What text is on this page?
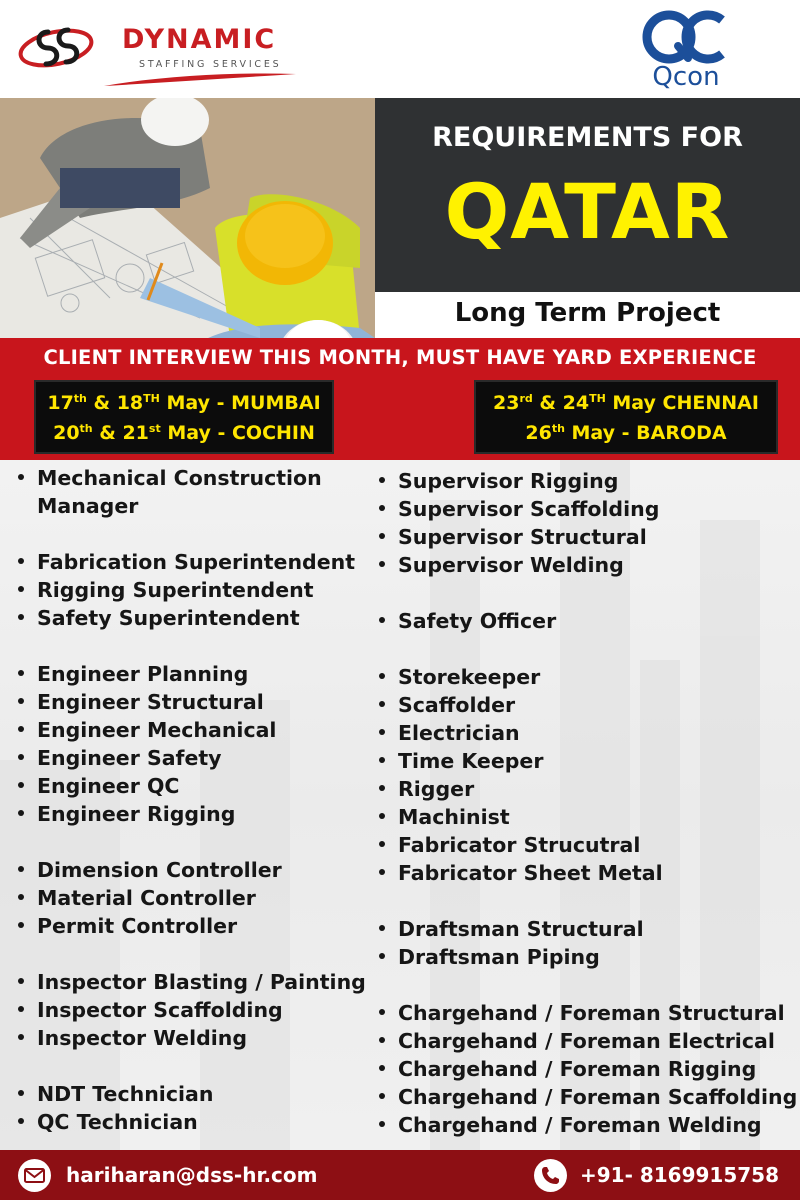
DYNAMIC
STAFFING SERVICES	Qcon
REQUIREMENTS FOR
QATAR
Long Term Project
CLIENT INTERVIEW THIS MONTH, MUST HAVE YARD EXPERIENCE
17th & 18TH May - MUMBAI
20th & 21st May - COCHIN
23rd & 24TH May CHENNAI
26th May - BARODA
Mechanical Construction
Manager
Fabrication Superintendent
Rigging Superintendent
Safety Superintendent
Engineer Planning
Engineer Structural
Engineer Mechanical
Engineer Safety
Engineer QC
Engineer Rigging
Dimension Controller
Material Controller
Permit Controller
Inspector Blasting / Painting
Inspector Scaffolding
Inspector Welding
NDT Technician
QC Technician
Supervisor Rigging
Supervisor Scaffolding
Supervisor Structural
Supervisor Welding
Safety Officer
Storekeeper
Scaffolder
Electrician
Time Keeper
Rigger
Machinist
Fabricator Strucutral
Fabricator Sheet Metal
Draftsman Structural
Draftsman Piping
Chargehand / Foreman Structural
Chargehand / Foreman Electrical
Chargehand / Foreman Rigging
Chargehand / Foreman Scaffolding
Chargehand / Foreman Welding
hariharan@dss-hr.com	+91- 8169915758
